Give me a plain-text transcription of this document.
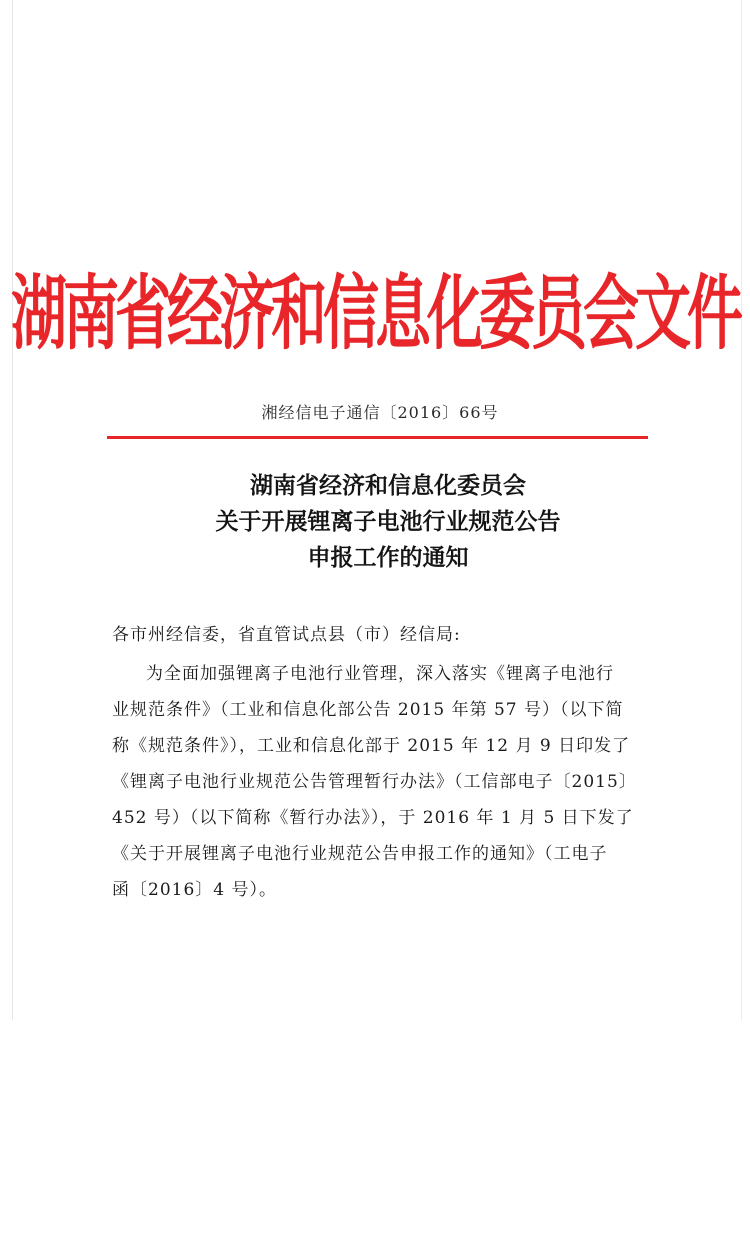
湖南省经济和信息化委员会文件
湘经信电子通信〔2016〕66号
湖南省经济和信息化委员会
关于开展锂离子电池行业规范公告
申报工作的通知
各市州经信委，省直管试点县（市）经信局:
为全面加强锂离子电池行业管理，深入落实《锂离子电池行
业规范条件》（工业和信息化部公告 2015 年第 57 号）（以下简
称《规范条件》），工业和信息化部于 2015 年 12 月 9 日印发了
《锂离子电池行业规范公告管理暂行办法》（工信部电子〔2015〕
452 号）（以下简称《暂行办法》），于 2016 年 1 月 5 日下发了
《关于开展锂离子电池行业规范公告申报工作的通知》（工电子
函〔2016〕4 号）。
